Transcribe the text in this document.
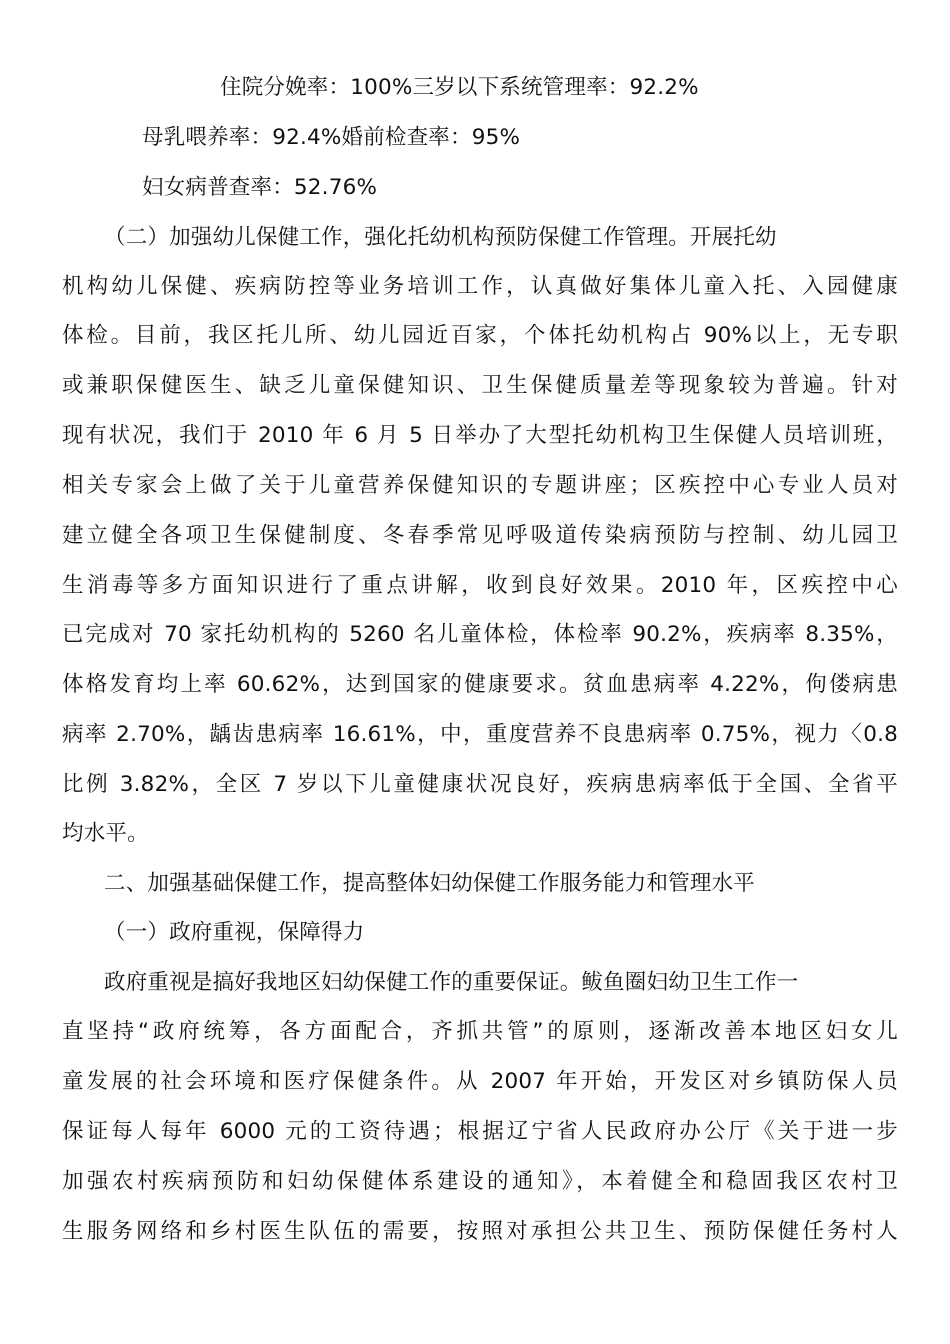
住院分娩率：100%三岁以下系统管理率：92.2%
母乳喂养率：92.4%婚前检查率：95%
妇女病普查率：52.76%
（二）加强幼儿保健工作，强化托幼机构预防保健工作管理。开展托幼
机构幼儿保健、疾病防控等业务培训工作，认真做好集体儿童入托、入园健康
体检。目前，我区托儿所、幼儿园近百家，个体托幼机构占 90%以上，无专职
或兼职保健医生、缺乏儿童保健知识、卫生保健质量差等现象较为普遍。针对
现有状况，我们于 2010 年 6 月 5 日举办了大型托幼机构卫生保健人员培训班，
相关专家会上做了关于儿童营养保健知识的专题讲座；区疾控中心专业人员对
建立健全各项卫生保健制度、冬春季常见呼吸道传染病预防与控制、幼儿园卫
生消毒等多方面知识进行了重点讲解，收到良好效果。2010 年，区疾控中心
已完成对 70 家托幼机构的 5260 名儿童体检，体检率 90.2%，疾病率 8.35%，
体格发育均上率 60.62%，达到国家的健康要求。贫血患病率 4.22%，佝偻病患
病率 2.70%，龋齿患病率 16.61%，中，重度营养不良患病率 0.75%，视力〈0.8
比例 3.82%，全区 7 岁以下儿童健康状况良好，疾病患病率低于全国、全省平
均水平。
二、加强基础保健工作，提高整体妇幼保健工作服务能力和管理水平
（一）政府重视，保障得力
政府重视是搞好我地区妇幼保健工作的重要保证。鲅鱼圈妇幼卫生工作一
直坚持“政府统筹，各方面配合，齐抓共管”的原则，逐渐改善本地区妇女儿
童发展的社会环境和医疗保健条件。从 2007 年开始，开发区对乡镇防保人员
保证每人每年 6000 元的工资待遇；根据辽宁省人民政府办公厅《关于进一步
加强农村疾病预防和妇幼保健体系建设的通知》，本着健全和稳固我区农村卫
生服务网络和乡村医生队伍的需要，按照对承担公共卫生、预防保健任务村人
